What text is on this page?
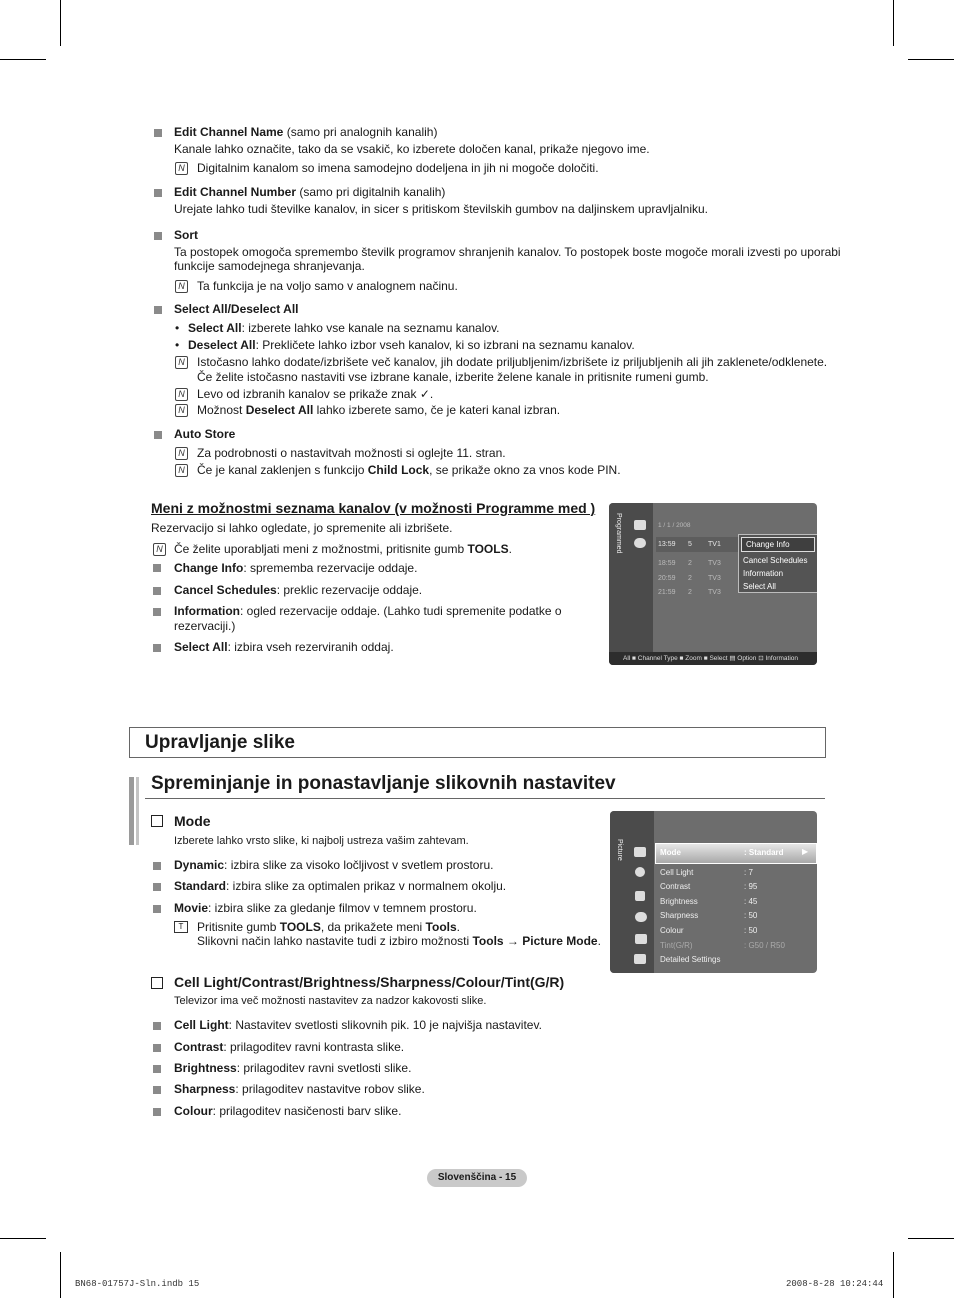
Edit Channel Name (samo pri analognih kanalih)
Kanale lahko označite, tako da se vsakič, ko izberete določen kanal, prikaže njegovo ime.
N Digitalnim kanalom so imena samodejno dodeljena in jih ni mogoče določiti.
Edit Channel Number (samo pri digitalnih kanalih)
Urejate lahko tudi številke kanalov, in sicer s pritiskom številskih gumbov na daljinskem upravljalniku.
Sort
Ta postopek omogoča spremembo številk programov shranjenih kanalov. To postopek boste mogoče morali izvesti po uporabi
funkcije samodejnega shranjevanja.
N Ta funkcija je na voljo samo v analognem načinu.
Select All/Deselect All
• Select All: izberete lahko vse kanale na seznamu kanalov.
• Deselect All: Prekličete lahko izbor vseh kanalov, ki so izbrani na seznamu kanalov.
N Istočasno lahko dodate/izbrišete več kanalov, jih dodate priljubljenim/izbrišete iz priljubljenih ali jih zaklenete/odklenete.
Če želite istočasno nastaviti vse izbrane kanale, izberite želene kanale in pritisnite rumeni gumb.
N Levo od izbranih kanalov se prikaže znak ✓.
N Možnost Deselect All lahko izberete samo, če je kateri kanal izbran.
Auto Store
N Za podrobnosti o nastavitvah možnosti si oglejte 11. stran.
N Če je kanal zaklenjen s funkcijo Child Lock, se prikaže okno za vnos kode PIN.
Meni z možnostmi seznama kanalov (v možnosti Programme med )
Rezervacijo si lahko ogledate, jo spremenite ali izbrišete.
N Če želite uporabljati meni z možnostmi, pritisnite gumb TOOLS.
Change Info: sprememba rezervacije oddaje.
Cancel Schedules: preklic rezervacije oddaje.
Information: ogled rezervacije oddaje. (Lahko tudi spremenite podatke o
rezervaciji.)
Select All: izbira vseh rezerviranih oddaj.
Programmed	1 / 1 / 2008
13:59 5 TV1
18:59 2 TV3
20:59 2 TV3
21:59 2 TV3
Change Info
Cancel Schedules
Information
Select All
All ■ Channel Type ■ Zoom ■ Select ▤ Option ⊡ Information
Upravljanje slike
Spreminjanje in ponastavljanje slikovnih nastavitev
Mode
Izberete lahko vrsto slike, ki najbolj ustreza vašim zahtevam.
Dynamic: izbira slike za visoko ločljivost v svetlem prostoru.
Standard: izbira slike za optimalen prikaz v normalnem okolju.
Movie: izbira slike za gledanje filmov v temnem prostoru.
T	Pritisnite gumb TOOLS, da prikažete meni Tools.
Slikovni način lahko nastavite tudi z izbiro možnosti Tools → Picture Mode.
Picture	Mode	: Standard ▶
Cell Light	: 7
Contrast	: 95
Brightness	: 45
Sharpness	: 50
Colour	: 50
Tint(G/R)	: G50 / R50
Detailed Settings
Cell Light/Contrast/Brightness/Sharpness/Colour/Tint(G/R)
Televizor ima več možnosti nastavitev za nadzor kakovosti slike.
Cell Light: Nastavitev svetlosti slikovnih pik. 10 je najvišja nastavitev.
Contrast: prilagoditev ravni kontrasta slike.
Brightness: prilagoditev ravni svetlosti slike.
Sharpness: prilagoditev nastavitve robov slike.
Colour: prilagoditev nasičenosti barv slike.
Slovenščina - 15
BN68-01757J-Sln.indb 15	2008-8-28 10:24:44
